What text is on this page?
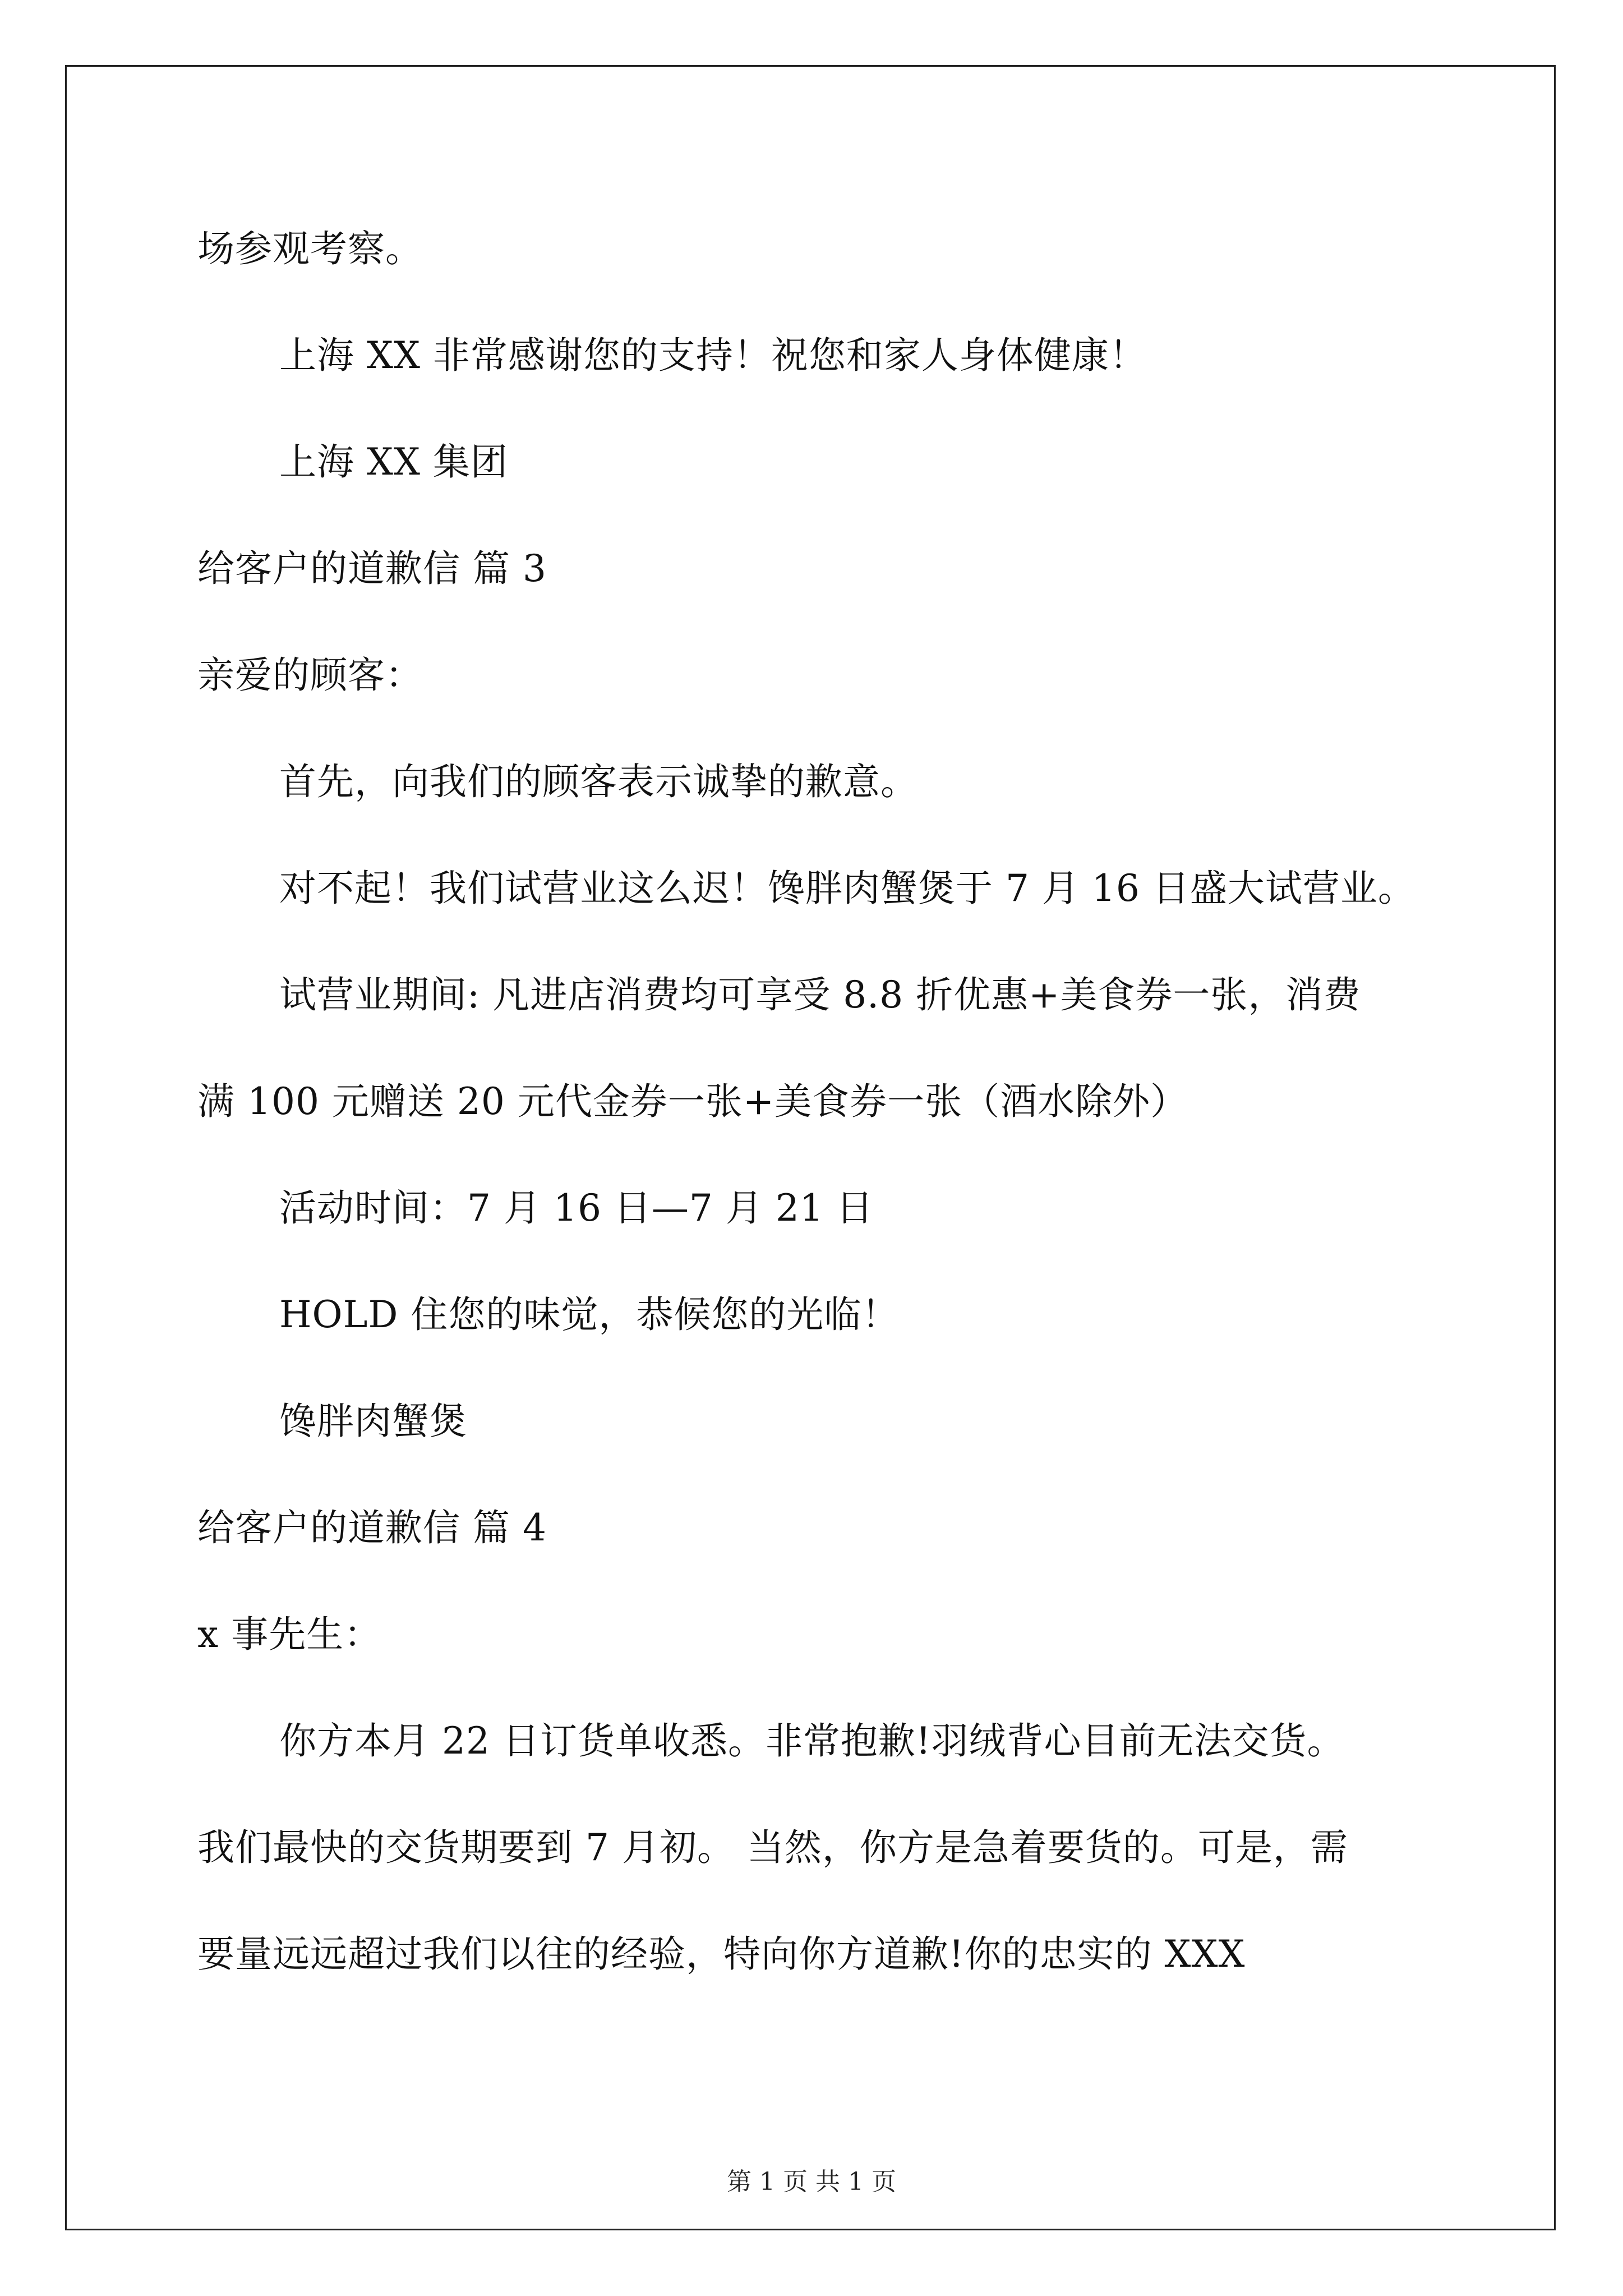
场参观考察。
上海 XX 非常感谢您的支持！祝您和家人身体健康！
上海 XX 集团
给客户的道歉信 篇 3
亲爱的顾客：
首先，向我们的顾客表示诚挚的歉意。
对不起！我们试营业这么迟！馋胖肉蟹煲于 7 月 16 日盛大试营业。
试营业期间: 凡进店消费均可享受 8.8 折优惠+美食券一张，消费
满 100 元赠送 20 元代金券一张+美食券一张（酒水除外）
活动时间：7 月 16 日—7 月 21 日
HOLD 住您的味觉，恭候您的光临！
馋胖肉蟹煲
给客户的道歉信 篇 4
x 事先生：
你方本月 22 日订货单收悉。非常抱歉!羽绒背心目前无法交货。
我们最快的交货期要到 7 月初。 当然，你方是急着要货的。可是，需
要量远远超过我们以往的经验，特向你方道歉!你的忠实的 XXX
第 1 页 共 1 页
